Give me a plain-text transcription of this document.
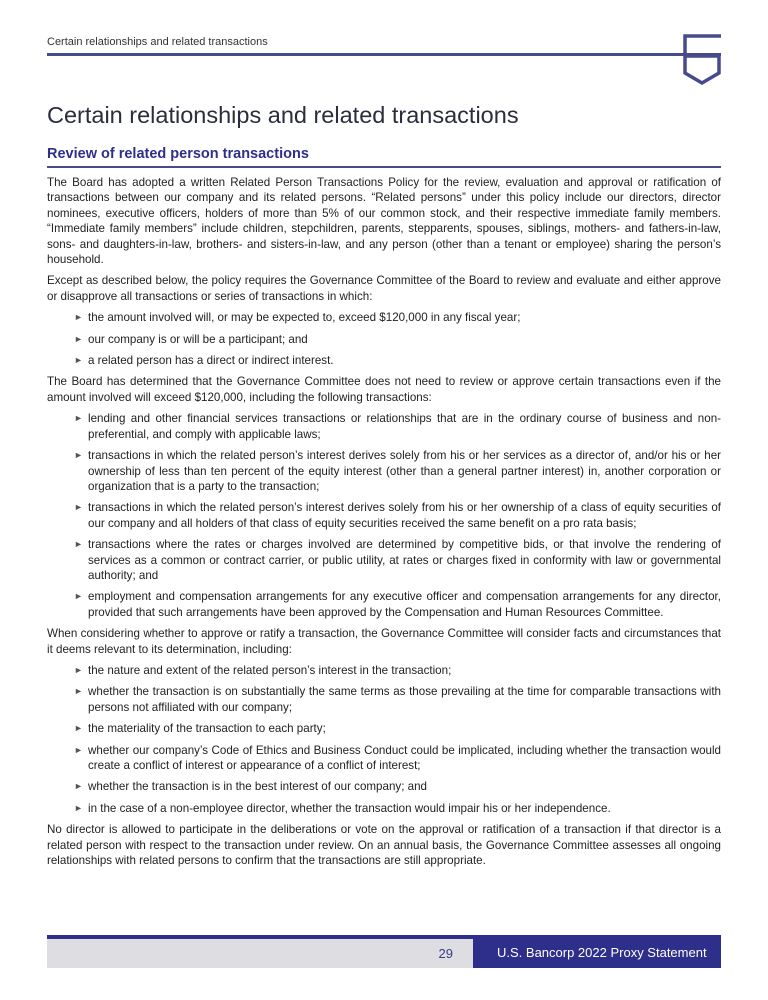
Certain relationships and related transactions
Certain relationships and related transactions
Review of related person transactions

The Board has adopted a written Related Person Transactions Policy for the review, evaluation and approval or ratification of transactions between our company and its related persons. “Related persons” under this policy include our directors, director nominees, executive officers, holders of more than 5% of our common stock, and their respective immediate family members. “Immediate family members” include children, stepchildren, parents, stepparents, spouses, siblings, mothers- and fathers-in-law, sons- and daughters-in-law, brothers- and sisters-in-law, and any person (other than a tenant or employee) sharing the person’s household.

Except as described below, the policy requires the Governance Committee of the Board to review and evaluate and either approve or disapprove all transactions or series of transactions in which:

► the amount involved will, or may be expected to, exceed $120,000 in any fiscal year;
► our company is or will be a participant; and
► a related person has a direct or indirect interest.

The Board has determined that the Governance Committee does not need to review or approve certain transactions even if the amount involved will exceed $120,000, including the following transactions:

► lending and other financial services transactions or relationships that are in the ordinary course of business and non-preferential, and comply with applicable laws;
► transactions in which the related person’s interest derives solely from his or her services as a director of, and/or his or her ownership of less than ten percent of the equity interest (other than a general partner interest) in, another corporation or organization that is a party to the transaction;
► transactions in which the related person’s interest derives solely from his or her ownership of a class of equity securities of our company and all holders of that class of equity securities received the same benefit on a pro rata basis;
► transactions where the rates or charges involved are determined by competitive bids, or that involve the rendering of services as a common or contract carrier, or public utility, at rates or charges fixed in conformity with law or governmental authority; and
► employment and compensation arrangements for any executive officer and compensation arrangements for any director, provided that such arrangements have been approved by the Compensation and Human Resources Committee.

When considering whether to approve or ratify a transaction, the Governance Committee will consider facts and circumstances that it deems relevant to its determination, including:

► the nature and extent of the related person’s interest in the transaction;
► whether the transaction is on substantially the same terms as those prevailing at the time for comparable transactions with persons not affiliated with our company;
► the materiality of the transaction to each party;
► whether our company’s Code of Ethics and Business Conduct could be implicated, including whether the transaction would create a conflict of interest or appearance of a conflict of interest;
► whether the transaction is in the best interest of our company; and
► in the case of a non-employee director, whether the transaction would impair his or her independence.

No director is allowed to participate in the deliberations or vote on the approval or ratification of a transaction if that director is a related person with respect to the transaction under review. On an annual basis, the Governance Committee assesses all ongoing relationships with related persons to confirm that the transactions are still appropriate.

29	U.S. Bancorp 2022 Proxy Statement
